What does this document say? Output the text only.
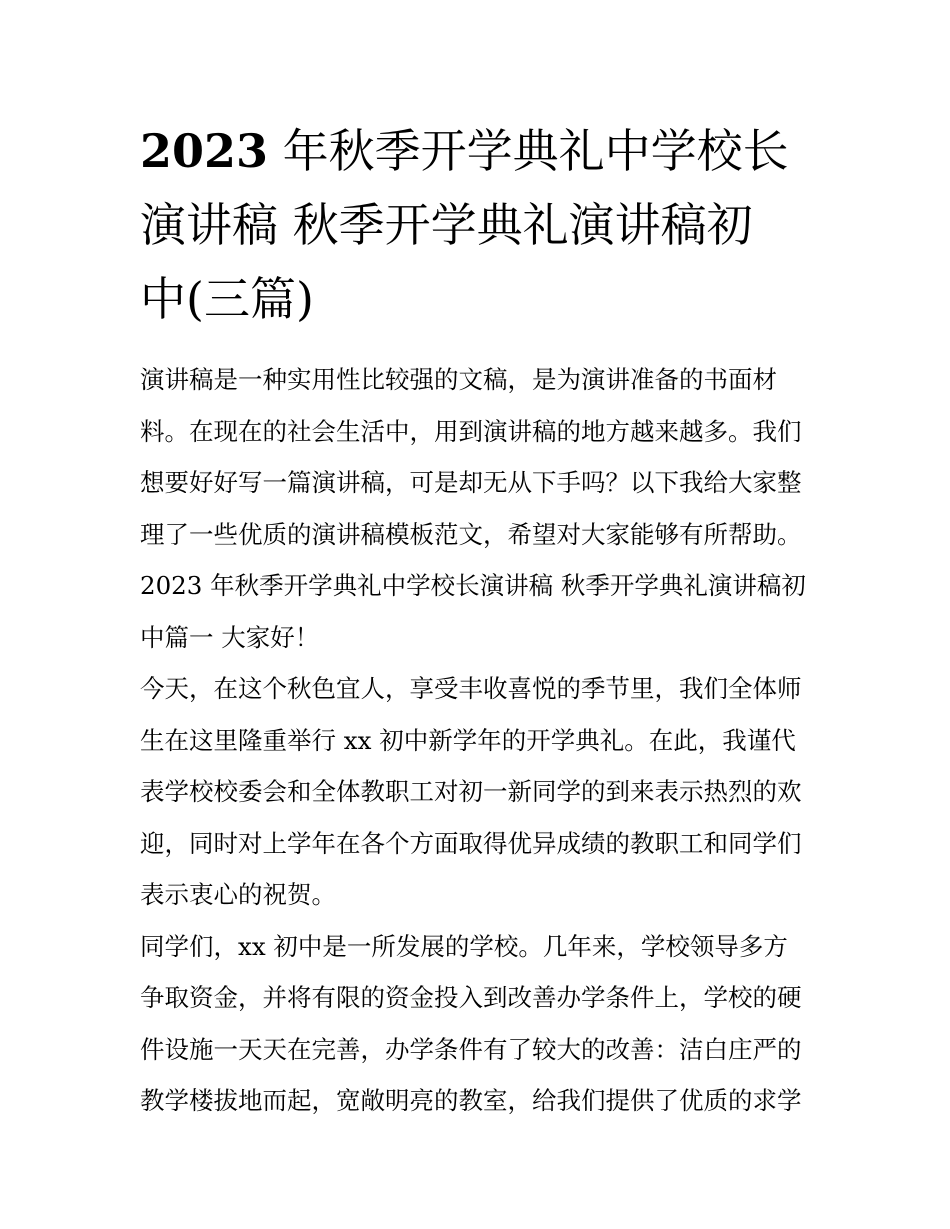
2023 年秋季开学典礼中学校长
演讲稿 秋季开学典礼演讲稿初
中(三篇)
演讲稿是一种实用性比较强的文稿，是为演讲准备的书面材
料。在现在的社会生活中，用到演讲稿的地方越来越多。我们
想要好好写一篇演讲稿，可是却无从下手吗？以下我给大家整
理了一些优质的演讲稿模板范文，希望对大家能够有所帮助。
2023 年秋季开学典礼中学校长演讲稿 秋季开学典礼演讲稿初
中篇一 大家好！
今天，在这个秋色宜人，享受丰收喜悦的季节里，我们全体师
生在这里隆重举行 xx 初中新学年的开学典礼。在此，我谨代
表学校校委会和全体教职工对初一新同学的到来表示热烈的欢
迎，同时对上学年在各个方面取得优异成绩的教职工和同学们
表示衷心的祝贺。
同学们，xx 初中是一所发展的学校。几年来，学校领导多方
争取资金，并将有限的资金投入到改善办学条件上，学校的硬
件设施一天天在完善，办学条件有了较大的改善：洁白庄严的
教学楼拔地而起，宽敞明亮的教室，给我们提供了优质的求学
